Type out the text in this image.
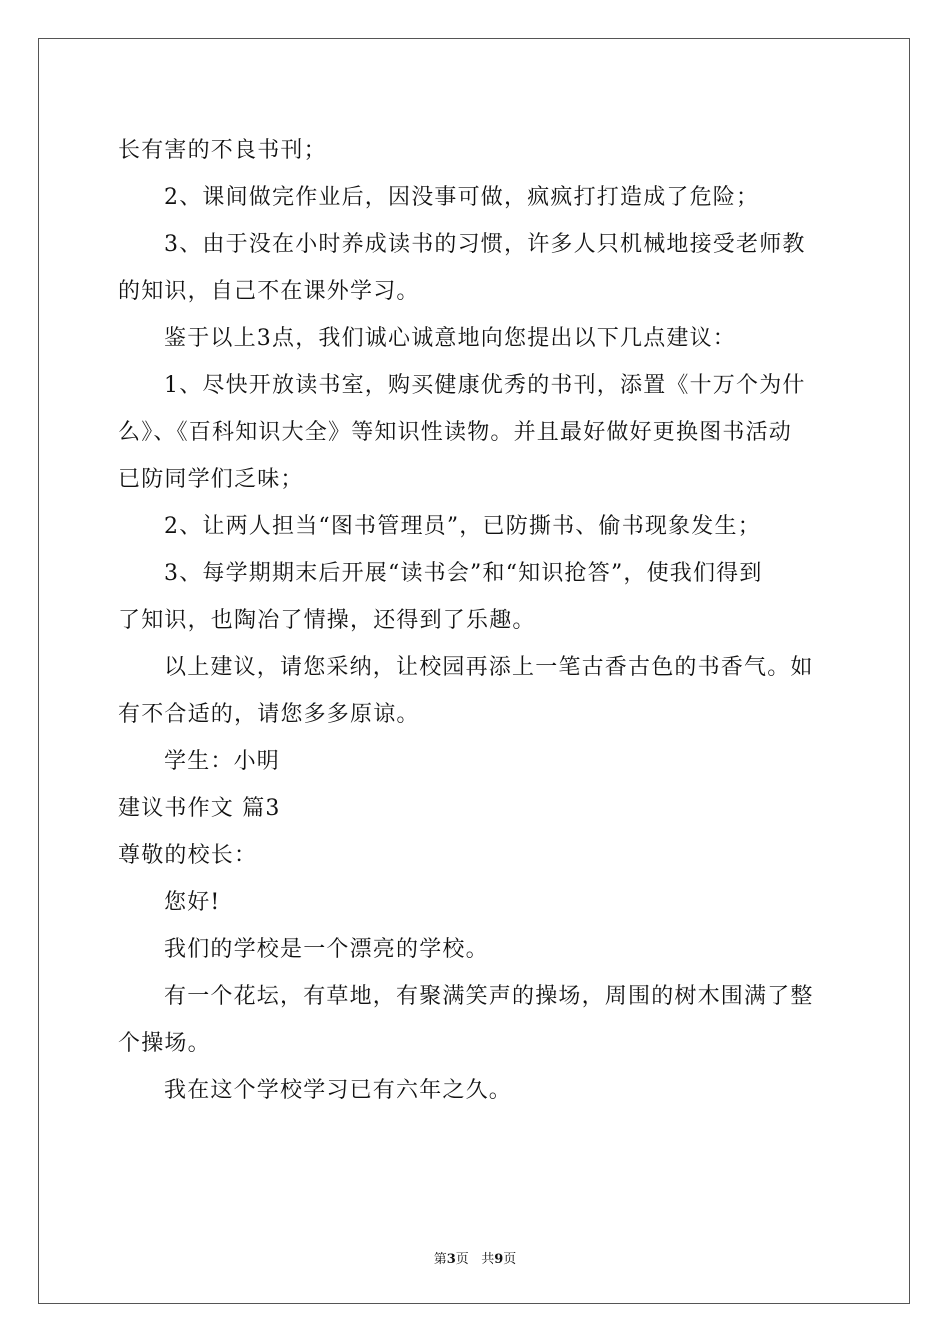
长有害的不良书刊；
2、课间做完作业后，因没事可做，疯疯打打造成了危险；
3、由于没在小时养成读书的习惯，许多人只机械地接受老师教
的知识，自己不在课外学习。
鉴于以上3点，我们诚心诚意地向您提出以下几点建议：
1、尽快开放读书室，购买健康优秀的书刊，添置《十万个为什
么》、《百科知识大全》等知识性读物。并且最好做好更换图书活动
已防同学们乏味；
2、让两人担当“图书管理员”，已防撕书、偷书现象发生；
3、每学期期末后开展“读书会”和“知识抢答”，使我们得到
了知识，也陶冶了情操，还得到了乐趣。
以上建议，请您采纳，让校园再添上一笔古香古色的书香气。如
有不合适的，请您多多原谅。
学生：小明
建议书作文 篇3
尊敬的校长：
您好!
我们的学校是一个漂亮的学校。
有一个花坛，有草地，有聚满笑声的操场，周围的树木围满了整
个操场。
我在这个学校学习已有六年之久。
第3页 共9页
